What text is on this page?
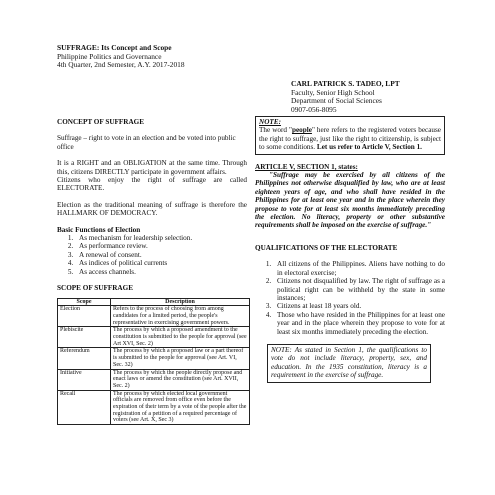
SUFFRAGE: Its Concept and Scope
Philippine Politics and Governance
4th Quarter, 2nd Semester, A.Y. 2017-2018
CARL PATRICK S. TADEO, LPT
Faculty, Senior High School
Department of Social Sciences
0907-056-8095

CONCEPT OF SUFFRAGE

Suffrage – right to vote in an election and be voted into public office

It is a RIGHT and an OBLIGATION at the same time. Through this, citizens DIRECTLY participate in government affairs.

Citizens who enjoy the right of suffrage are called ELECTORATE.

Election as the traditional meaning of suffrage is therefore the HALLMARK OF DEMOCRACY.

Basic Functions of Election

1. As mechanism for leadership selection.
2. As performance review.
3. A renewal of consent.
4. As indices of political currents
5. As access channels.

SCOPE OF SUFFRAGE

Scope	Description
Election	Refers to the process of choosing from among candidates for a limited period, the people's representative in exercising government powers.
Plebiscite	The process by which a proposed amendment to the constitution is submitted to the people for approval (see Art XVI, Sec. 2)
Referendum	The process by which a proposed law or a part thereof is submitted to the people for approval (see Art. VI, Sec. 32)
Initiative	The process by which the people directly propose and enact laws or amend the constitution (see Art. XVII, Sec. 2)
Recall	The process by which elected local government officials are removed from office even before the expiration of their term by a vote of the people after the registration of a petition of a required percentage of voters (see Art. X, Sec 3)
NOTE:
The word "people" here refers to the registered voters because the right to suffrage, just like the right to citizenship, is subject to some conditions. Let us refer to Article V, Section 1.

ARTICLE V, SECTION 1, states:

"Suffrage may be exercised by all citizens of the Philippines not otherwise disqualified by law, who are at least eighteen years of age, and who shall have resided in the Philippines for at least one year and in the place wherein they propose to vote for at least six months immediately preceding the election. No literacy, property or other substantive requirements shall be imposed on the exercise of suffrage."

QUALIFICATIONS OF THE ELECTORATE

1. All citizens of the Philippines. Aliens have nothing to do in electoral exercise;
2. Citizens not disqualified by law. The right of suffrage as a political right can be withheld by the state in some instances;
3. Citizens at least 18 years old.
4. Those who have resided in the Philippines for at least one year and in the place wherein they propose to vote for at least six months immediately preceding the election.
NOTE: As stated in Section 1, the qualifications to vote do not include literacy, property, sex, and education. In the 1935 constitution, literacy is a requirement in the exercise of suffrage.
